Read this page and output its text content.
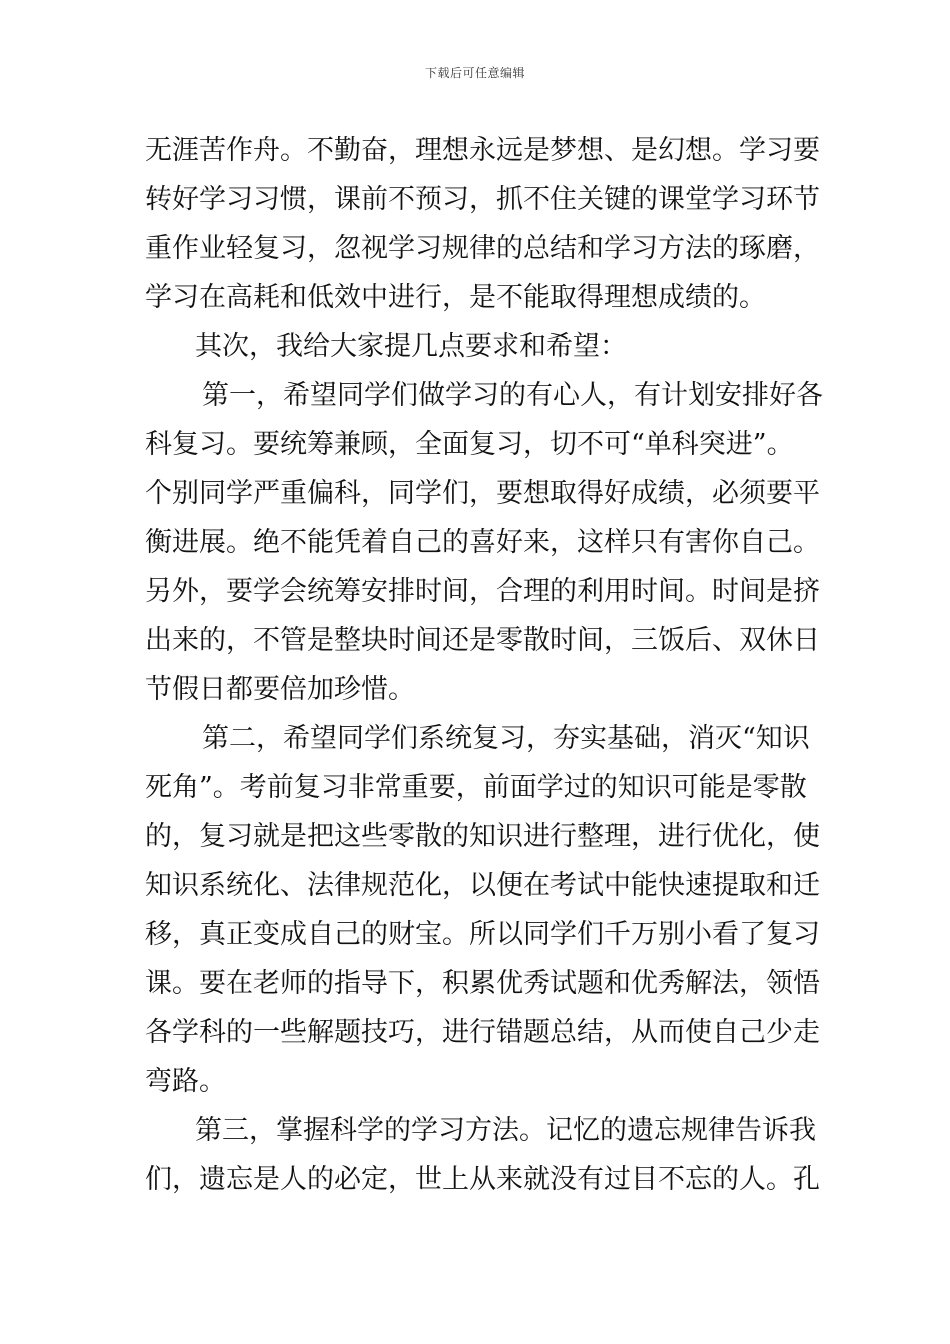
下载后可任意编辑
无涯苦作舟。不勤奋，理想永远是梦想、是幻想。学习要
转好学习习惯，课前不预习，抓不住关键的课堂学习环节
重作业轻复习，忽视学习规律的总结和学习方法的琢磨，
学习在高耗和低效中进行，是不能取得理想成绩的。
其次，我给大家提几点要求和希望：
第一，希望同学们做学习的有心人，有计划安排好各
科复习。要统筹兼顾，全面复习，切不可“单科突进”。
个别同学严重偏科，同学们，要想取得好成绩，必须要平
衡进展。绝不能凭着自己的喜好来，这样只有害你自己。
另外，要学会统筹安排时间，合理的利用时间。时间是挤
出来的，不管是整块时间还是零散时间，三饭后、双休日
节假日都要倍加珍惜。
第二，希望同学们系统复习，夯实基础，消灭“知识
死角”。考前复习非常重要，前面学过的知识可能是零散
的，复习就是把这些零散的知识进行整理，进行优化，使
知识系统化、法律规范化，以便在考试中能快速提取和迁
移，真正变成自己的财宝。所以同学们千万别小看了复习
课。要在老师的指导下，积累优秀试题和优秀解法，领悟
各学科的一些解题技巧，进行错题总结，从而使自己少走
弯路。
第三，掌握科学的学习方法。记忆的遗忘规律告诉我
们，遗忘是人的必定，世上从来就没有过目不忘的人。孔
